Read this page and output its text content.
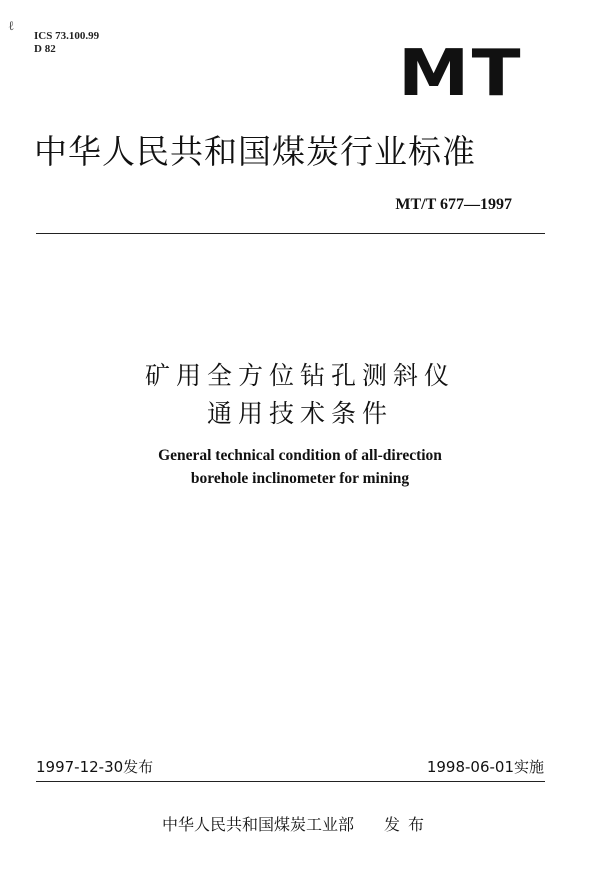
ℓ
ICS 73.100.99
D 82	MT
中华人民共和国煤炭行业标准
MT/T 677—1997
矿用全方位钻孔测斜仪
通用技术条件
General technical condition of all-direction
borehole inclinometer for mining
1997-12-30发布	1998-06-01实施
中华人民共和国煤炭工业部 发布
